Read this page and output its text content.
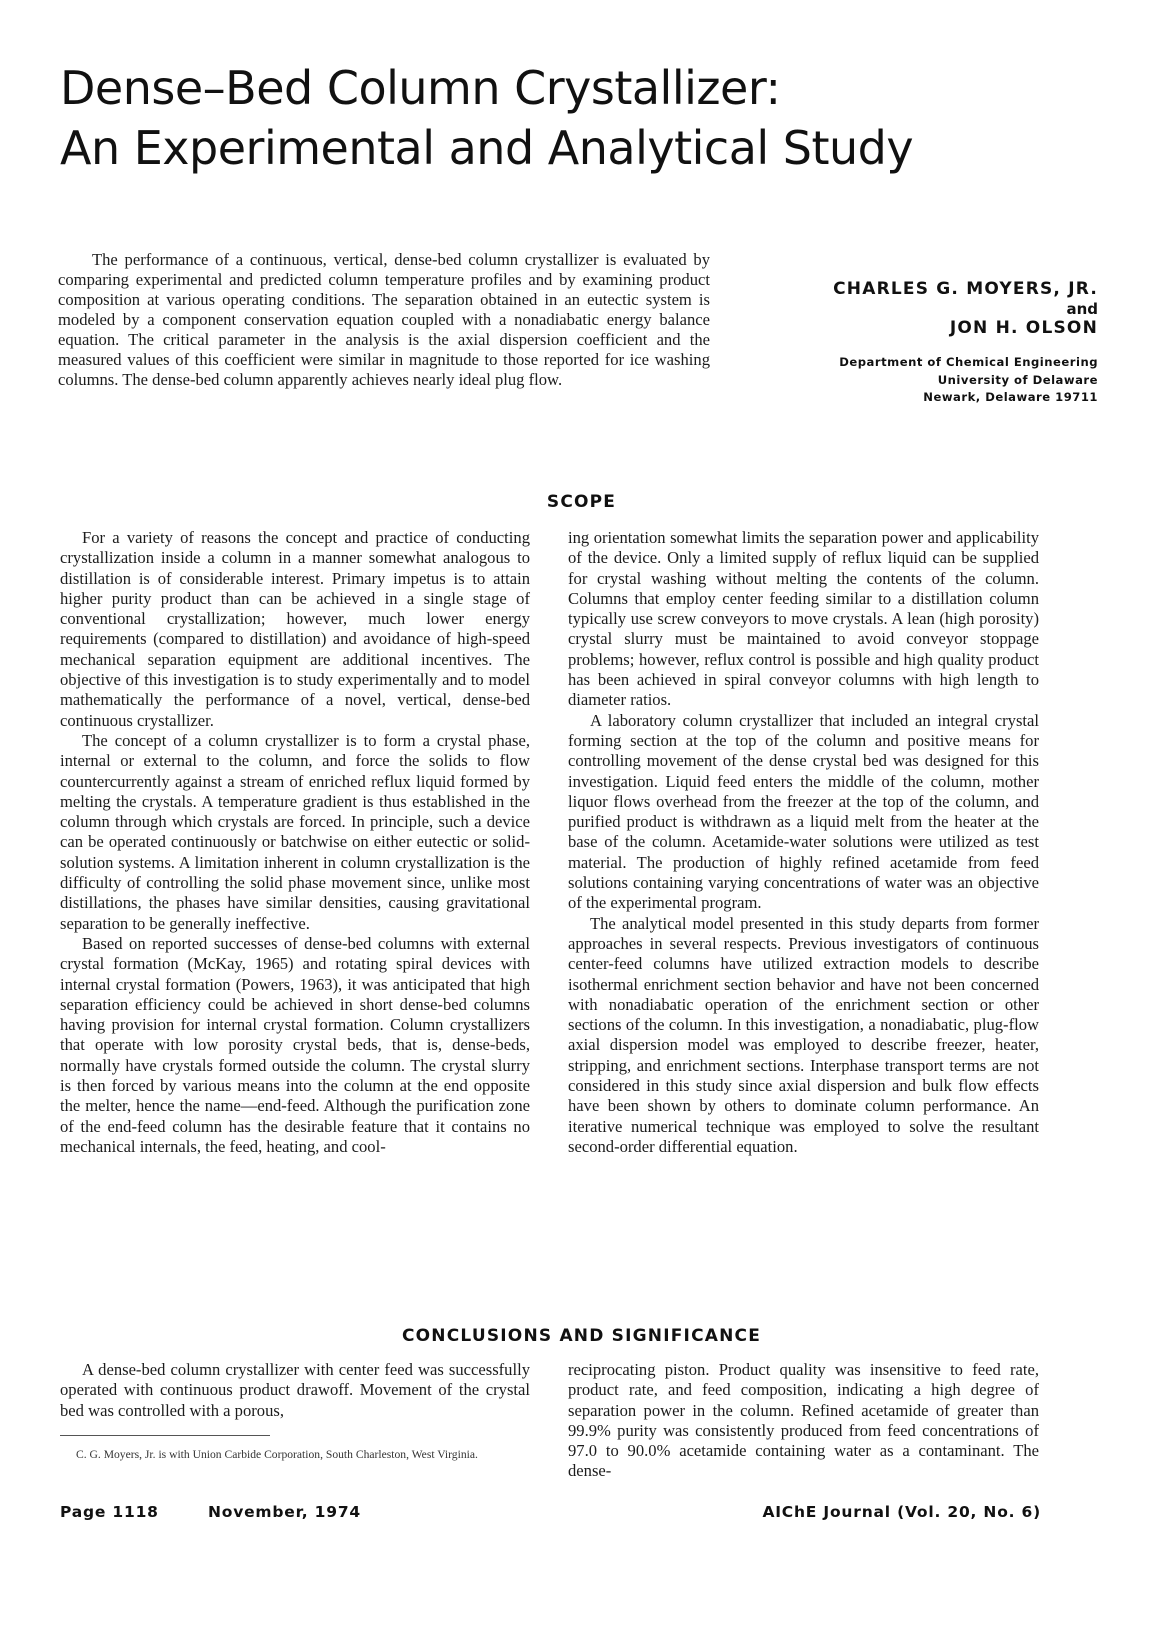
Dense–Bed Column Crystallizer:
An Experimental and Analytical Study
The performance of a continuous, vertical, dense-bed column crystallizer is evaluated by comparing experimental and predicted column temperature profiles and by examining product composition at various operating conditions. The separation obtained in an eutectic system is modeled by a component conservation equation coupled with a nonadiabatic energy balance equation. The critical parameter in the analysis is the axial dispersion coefficient and the measured values of this coefficient were similar in magnitude to those reported for ice washing columns. The dense-bed column apparently achieves nearly ideal plug flow.
CHARLES G. MOYERS, JR.
and
JON H. OLSON
Department of Chemical Engineering
University of Delaware
Newark, Delaware 19711
SCOPE

For a variety of reasons the concept and practice of conducting crystallization inside a column in a manner somewhat analogous to distillation is of considerable interest. Primary impetus is to attain higher purity product than can be achieved in a single stage of conventional crystallization; however, much lower energy requirements (compared to distillation) and avoidance of high-speed mechanical separation equipment are additional incentives. The objective of this investigation is to study experimentally and to model mathematically the performance of a novel, vertical, dense-bed continuous crystallizer.

The concept of a column crystallizer is to form a crystal phase, internal or external to the column, and force the solids to flow countercurrently against a stream of enriched reflux liquid formed by melting the crystals. A temperature gradient is thus established in the column through which crystals are forced. In principle, such a device can be operated continuously or batchwise on either eutectic or solid-solution systems. A limitation inherent in column crystallization is the difficulty of controlling the solid phase movement since, unlike most distillations, the phases have similar densities, causing gravitational separation to be generally ineffective.

Based on reported successes of dense-bed columns with external crystal formation (McKay, 1965) and rotating spiral devices with internal crystal formation (Powers, 1963), it was anticipated that high separation efficiency could be achieved in short dense-bed columns having provision for internal crystal formation. Column crystallizers that operate with low porosity crystal beds, that is, dense-beds, normally have crystals formed outside the column. The crystal slurry is then forced by various means into the column at the end opposite the melter, hence the name—end-feed. Although the purification zone of the end-feed column has the desirable feature that it contains no mechanical internals, the feed, heating, and cool-

ing orientation somewhat limits the separation power and applicability of the device. Only a limited supply of reflux liquid can be supplied for crystal washing without melting the contents of the column. Columns that employ center feeding similar to a distillation column typically use screw conveyors to move crystals. A lean (high porosity) crystal slurry must be maintained to avoid conveyor stoppage problems; however, reflux control is possible and high quality product has been achieved in spiral conveyor columns with high length to diameter ratios.

A laboratory column crystallizer that included an integral crystal forming section at the top of the column and positive means for controlling movement of the dense crystal bed was designed for this investigation. Liquid feed enters the middle of the column, mother liquor flows overhead from the freezer at the top of the column, and purified product is withdrawn as a liquid melt from the heater at the base of the column. Acetamide-water solutions were utilized as test material. The production of highly refined acetamide from feed solutions containing varying concentrations of water was an objective of the experimental program.

The analytical model presented in this study departs from former approaches in several respects. Previous investigators of continuous center-feed columns have utilized extraction models to describe isothermal enrichment section behavior and have not been concerned with nonadiabatic operation of the enrichment section or other sections of the column. In this investigation, a nonadiabatic, plug-flow axial dispersion model was employed to describe freezer, heater, stripping, and enrichment sections. Interphase transport terms are not considered in this study since axial dispersion and bulk flow effects have been shown by others to dominate column performance. An iterative numerical technique was employed to solve the resultant second-order differential equation.

CONCLUSIONS AND SIGNIFICANCE

A dense-bed column crystallizer with center feed was successfully operated with continuous product drawoff. Movement of the crystal bed was controlled with a porous,

reciprocating piston. Product quality was insensitive to feed rate, product rate, and feed composition, indicating a high degree of separation power in the column. Refined acetamide of greater than 99.9% purity was consistently produced from feed concentrations of 97.0 to 90.0% acetamide containing water as a contaminant. The dense-

C. G. Moyers, Jr. is with Union Carbide Corporation, South Charleston, West Virginia.
Page 1118	November, 1974	AIChE Journal (Vol. 20, No. 6)
